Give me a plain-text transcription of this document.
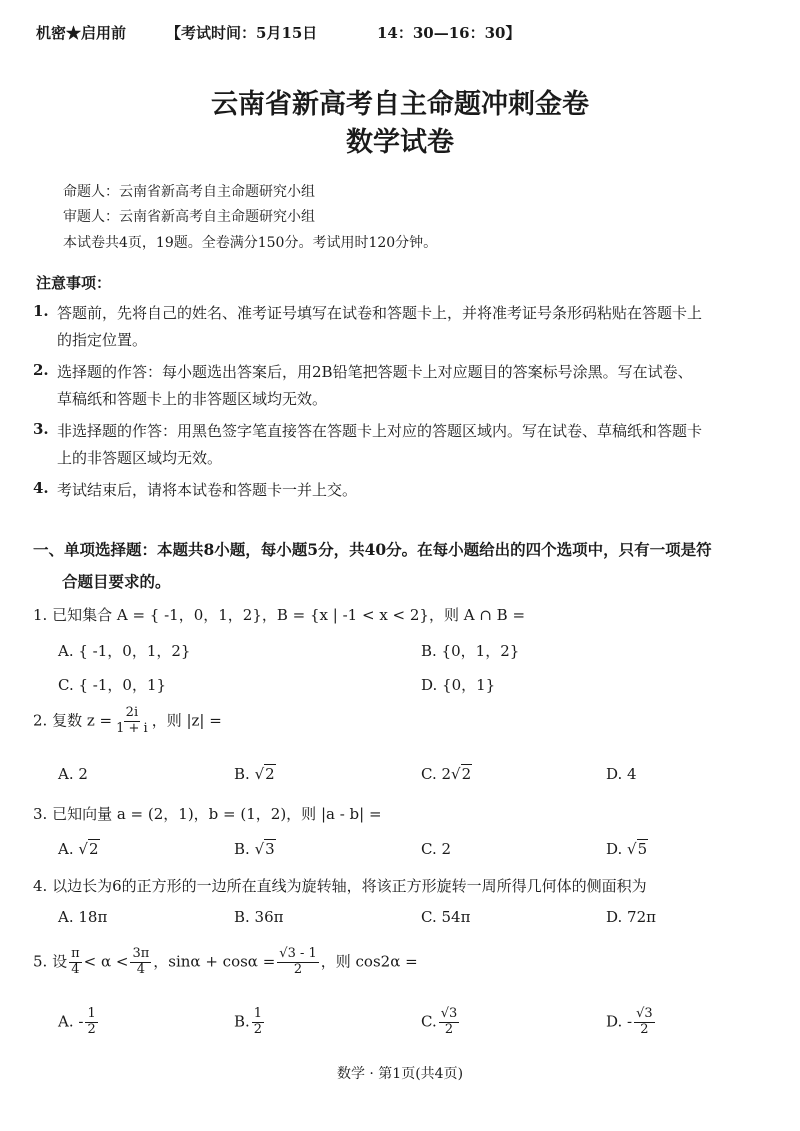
机密★启用前	【考试时间：5月15日	14：30—16：30】
云南省新高考自主命题冲刺金卷
数学试卷
命题人：云南省新高考自主命题研究小组
审题人：云南省新高考自主命题研究小组
本试卷共4页，19题。全卷满分150分。考试用时120分钟。
注意事项：
1. 答题前，先将自己的姓名、准考证号填写在试卷和答题卡上，并将准考证号条形码粘贴在答题卡上
的指定位置。
2. 选择题的作答：每小题选出答案后，用2B铅笔把答题卡上对应题目的答案标号涂黑。写在试卷、
草稿纸和答题卡上的非答题区域均无效。
3. 非选择题的作答：用黑色签字笔直接答在答题卡上对应的答题区域内。写在试卷、草稿纸和答题卡
上的非答题区域均无效。
4. 考试结束后，请将本试卷和答题卡一并上交。
一、单项选择题：本题共8小题，每小题5分，共40分。在每小题给出的四个选项中，只有一项是符
合题目要求的。
1. 已知集合 A = { -1，0，1，2}，B = {x | -1 < x < 2}，则 A ∩ B =
A. { -1，0，1，2}	B. {0，1，2}
C. { -1，0，1}	D. {0，1}
2. 复数 $z = \frac{2i}{1 + i}$ ，则 |z| =
A. 2	B. √2	C. 2√2	D. 4
3. 已知向量 a = (2，1)，b = (1，2)，则 |a - b| =
A. √2	B. √3	C. 2	D. √5
4. 以边长为6的正方形的一边所在直线为旋转轴，将该正方形旋转一周所得几何体的侧面积为
A. 18π	B. 36π	C. 54π	D. 72π
5. 设 $\frac{\pi}{4} < \alpha < \frac{3\pi}{4}$ ，$\sin\alpha + \cos\alpha = \frac{√3 - 1}{2}$ ，则 cos2α =
A. - $\frac{1}{2}$	B. $\frac{1}{2}$	C. $\frac{√3}{2}$	D. - $\frac{√3}{2}$
数学 · 第1页(共4页)
